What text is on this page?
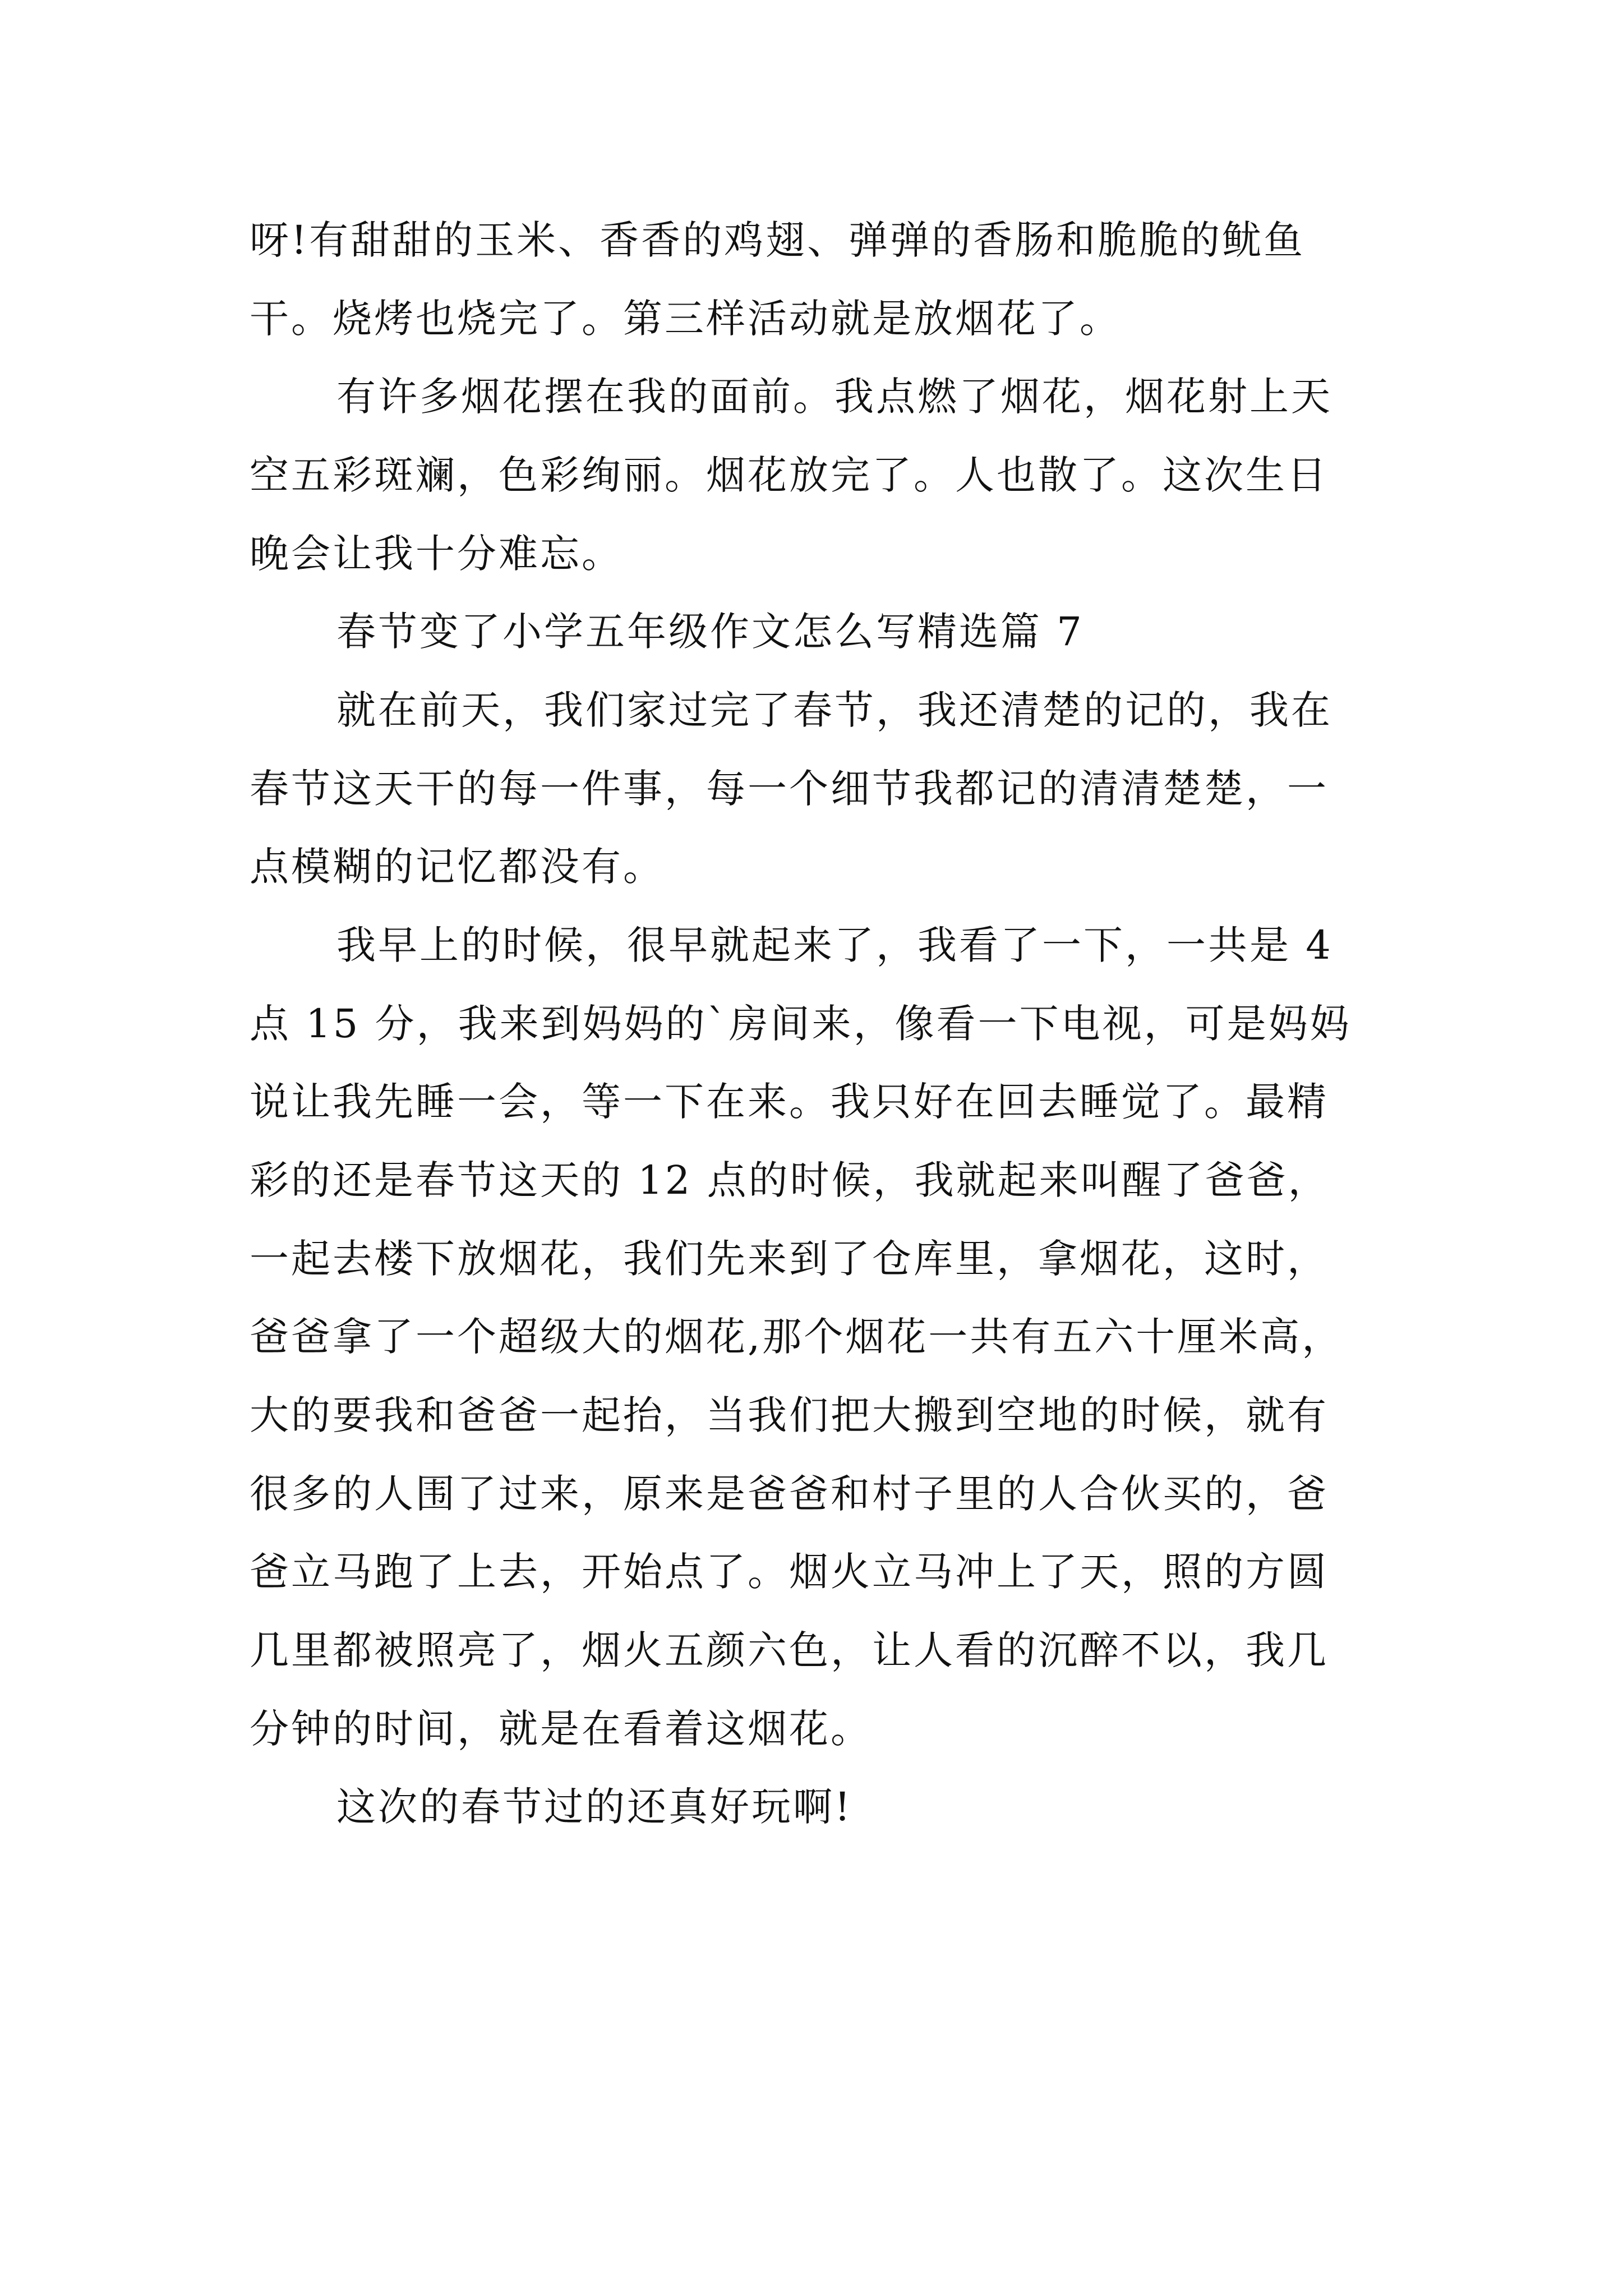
呀!有甜甜的玉米、香香的鸡翅、弹弹的香肠和脆脆的鱿鱼
干。烧烤也烧完了。第三样活动就是放烟花了。
有许多烟花摆在我的面前。我点燃了烟花，烟花射上天
空五彩斑斓，色彩绚丽。烟花放完了。人也散了。这次生日
晚会让我十分难忘。
春节变了小学五年级作文怎么写精选篇 7
就在前天，我们家过完了春节，我还清楚的记的，我在
春节这天干的每一件事，每一个细节我都记的清清楚楚，一
点模糊的记忆都没有。
我早上的时候，很早就起来了，我看了一下，一共是 4
点 15 分，我来到妈妈的`房间来，像看一下电视，可是妈妈
说让我先睡一会，等一下在来。我只好在回去睡觉了。最精
彩的还是春节这天的 12 点的时候，我就起来叫醒了爸爸，
一起去楼下放烟花，我们先来到了仓库里，拿烟花，这时，
爸爸拿了一个超级大的烟花,那个烟花一共有五六十厘米高，
大的要我和爸爸一起抬，当我们把大搬到空地的时候，就有
很多的人围了过来，原来是爸爸和村子里的人合伙买的，爸
爸立马跑了上去，开始点了。烟火立马冲上了天，照的方圆
几里都被照亮了，烟火五颜六色，让人看的沉醉不以，我几
分钟的时间，就是在看着这烟花。
这次的春节过的还真好玩啊!
